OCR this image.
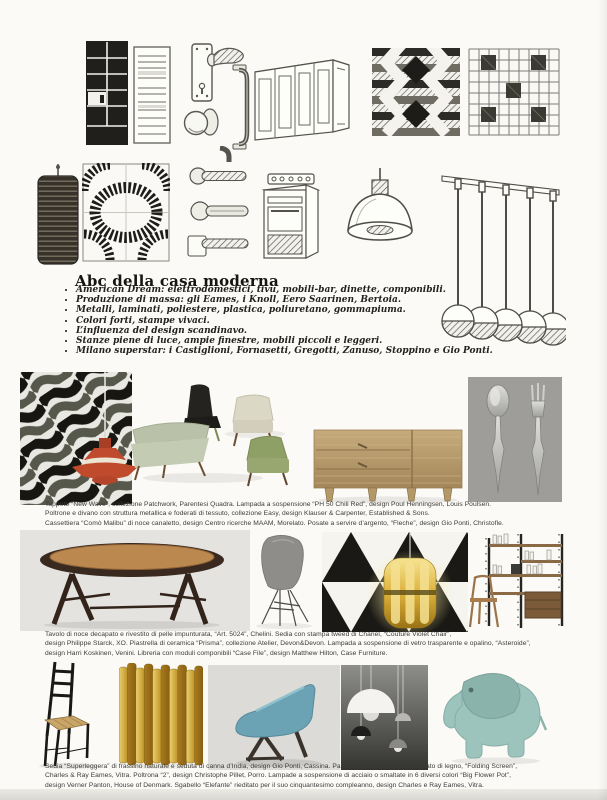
Abc della casa moderna
• American Dream: elettrodomestici, tivù, mobili-bar, dinette, componibili.
• Produzione di massa: gli Eames, i Knoll, Eero Saarinen, Bertoia.
• Metalli, laminati, poliestere, plastica, poliuretano, gommapiuma.
• Colori forti, stampe vivaci.
• L’influenza del design scandinavo.
• Stanze piene di luce, ampie finestre, mobili piccoli e leggeri.
• Milano superstar: i Castiglioni, Fornasetti, Gregotti, Zanuso, Stoppino e Gio Ponti.
Tappeto “New Wave”, collezione Patchwork, Parentesi Quadra. Lampada a sospensione “PH 50 Chili Red”, design Poul Henningsen, Louis Poulsen.
Poltrone e divano con struttura metallica e foderati di tessuto, collezione Easy, design Klauser & Carpenter, Established & Sons.
Cassettiera “Comò Malibu” di noce canaletto, design Centro ricerche MAAM, Morelato. Posate a servire d’argento, “Fleche”, design Gio Ponti, Christofle.
Tavolo di noce decapato e rivestito di pelle impunturata, “Art. 5024”, Chelini. Sedia con stampa tweed di Chanel, “Couture Violet Chair”,
design Philippe Starck, XO. Piastrella di ceramica “Prisma”, collezione Atelier, Devon&Devon. Lampada a sospensione di vetro trasparente e opalino, “Asteroide”,
design Harri Koskinen, Venini. Libreria con moduli componibili “Case File”, design Matthew Hilton, Case Furniture.
Sedia “Superleggera” di frassino naturale e seduta di canna d’India, design Gio Ponti, Cassina. Paravento-scultura di compensato di legno, “Folding Screen”,
Charles & Ray Eames, Vitra. Poltrona “2”, design Christophe Pillet, Porro. Lampade a sospensione di acciaio o smaltate in 6 diversi colori “Big Flower Pot”,
design Verner Panton, House of Denmark. Sgabello “Elefante” rieditato per il suo cinquantesimo compleanno, design Charles e Ray Eames, Vitra.
